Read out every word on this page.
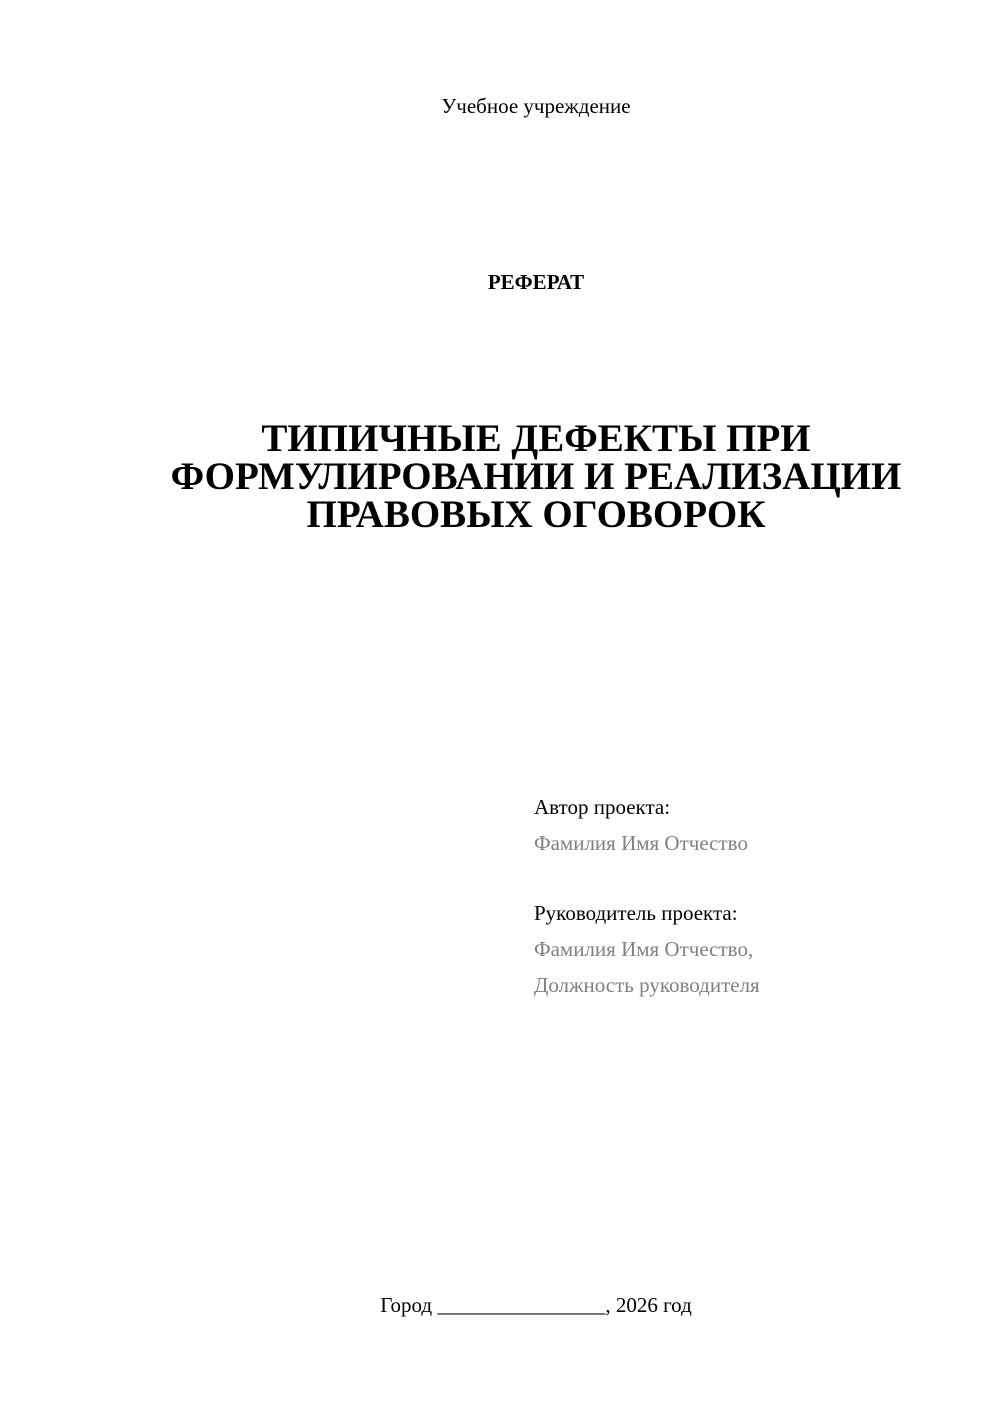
Учебное учреждение
РЕФЕРАТ
ТИПИЧНЫЕ ДЕФЕКТЫ ПРИ
ФОРМУЛИРОВАНИИ И РЕАЛИЗАЦИИ
ПРАВОВЫХ ОГОВОРОК
Автор проекта:
Фамилия Имя Отчество
Руководитель проекта:
Фамилия Имя Отчество,
Должность руководителя
Город ________________, 2026 год
